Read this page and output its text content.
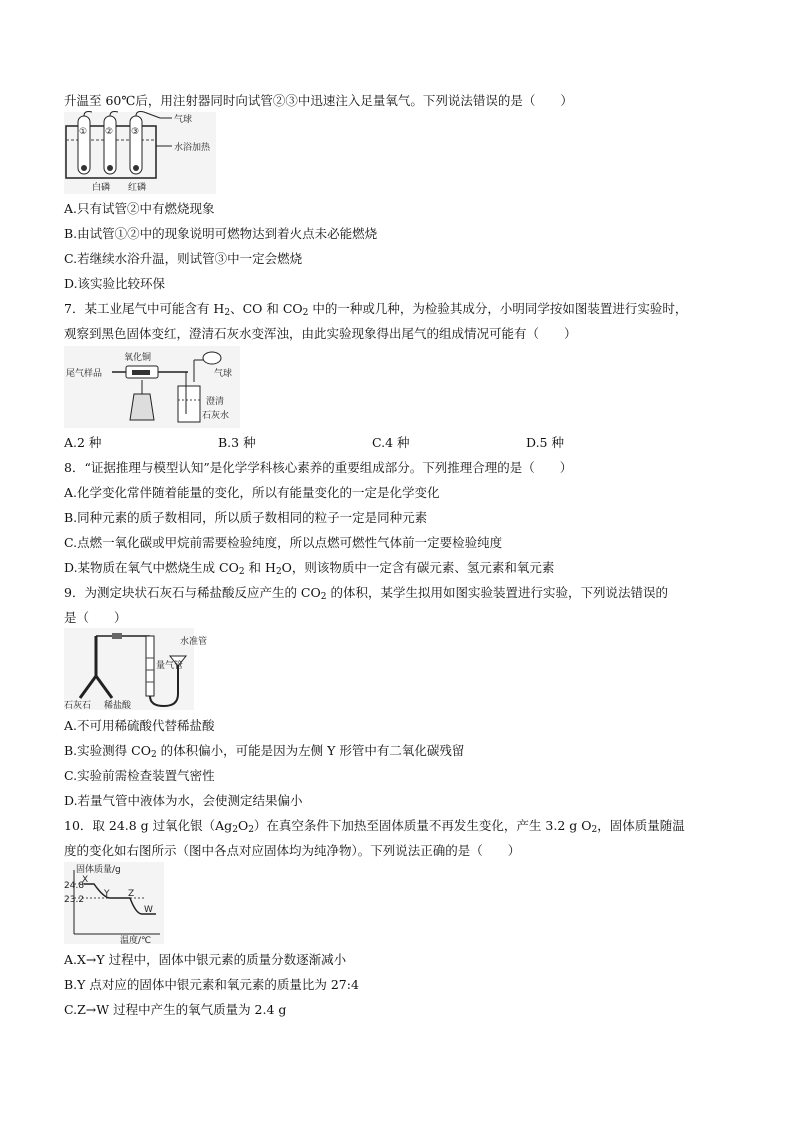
升温至 60℃后，用注射器同时向试管②③中迅速注入足量氧气。下列说法错误的是（　　）
① ② ③
气球
水浴加热
白磷 红磷
A.只有试管②中有燃烧现象
B.由试管①②中的现象说明可燃物达到着火点未必能燃烧
C.若继续水浴升温，则试管③中一定会燃烧
D.该实验比较环保
7．某工业尾气中可能含有 $H_2$、CO 和 $CO_2$ 中的一种或几种，为检验其成分，小明同学按如图装置进行实验时，
观察到黑色固体变红，澄清石灰水变浑浊，由此实验现象得出尾气的组成情况可能有（　　）
尾气样品
氧化铜
气球
澄清
石灰水
A.2 种	B.3 种	C.4 种	D.5 种
8．“证据推理与模型认知”是化学学科核心素养的重要组成部分。下列推理合理的是（　　）
A.化学变化常伴随着能量的变化，所以有能量变化的一定是化学变化
B.同种元素的质子数相同，所以质子数相同的粒子一定是同种元素
C.点燃一氧化碳或甲烷前需要检验纯度，所以点燃可燃性气体前一定要检验纯度
D.某物质在氧气中燃烧生成 $CO_2$ 和 $H_2O$，则该物质中一定含有碳元素、氢元素和氧元素
9．为测定块状石灰石与稀盐酸反应产生的 $CO_2$ 的体积，某学生拟用如图实验装置进行实验，下列说法错误的
是（　　）
水准管
量气管
石灰石 稀盐酸
A.不可用稀硫酸代替稀盐酸
B.实验测得 $CO_2$ 的体积偏小，可能是因为左侧 Y 形管中有二氧化碳残留
C.实验前需检查装置气密性
D.若量气管中液体为水，会使测定结果偏小
10．取 24.8 g 过氧化银$(Ag_2O_2)$在真空条件下加热至固体质量不再发生变化，产生 3.2 g $O_2$，固体质量随温
度的变化如右图所示（图中各点对应固体均为纯净物）。下列说法正确的是（　　）
固体质量/g
24.8
23.2
X
Y Z
W
温度/℃
A.X→Y 过程中，固体中银元素的质量分数逐渐减小
B.Y 点对应的固体中银元素和氧元素的质量比为 27:4
C.Z→W 过程中产生的氧气质量为 2.4 g
